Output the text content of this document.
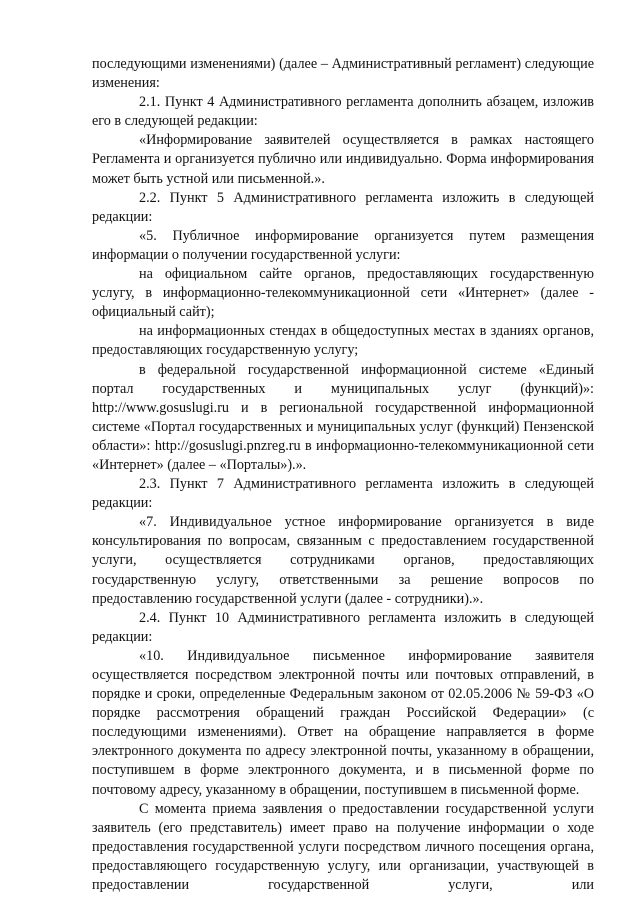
последующими изменениями) (далее – Административный регламент) следующие изменения:

2.1. Пункт 4 Административного регламента дополнить абзацем, изложив его в следующей редакции:

«Информирование заявителей осуществляется в рамках настоящего Регламента и организуется публично или индивидуально. Форма информирования может быть устной или письменной.».

2.2. Пункт 5 Административного регламента изложить в следующей редакции:

«5. Публичное информирование организуется путем размещения информации о получении государственной услуги:

на официальном сайте органов, предоставляющих государственную услугу, в информационно-телекоммуникационной сети «Интернет» (далее - официальный сайт);

на информационных стендах в общедоступных местах в зданиях органов, предоставляющих государственную услугу;

в федеральной государственной информационной системе «Единый портал государственных и муниципальных услуг (функций)»: http://www.gosuslugi.ru и в региональной государственной информационной системе «Портал государственных и муниципальных услуг (функций) Пензенской области»: http://gosuslugi.pnzreg.ru в информационно-телекоммуникационной сети «Интернет» (далее – «Порталы»).».

2.3. Пункт 7 Административного регламента изложить в следующей редакции:

«7. Индивидуальное устное информирование организуется в виде консультирования по вопросам, связанным с предоставлением государственной услуги, осуществляется сотрудниками органов, предоставляющих государственную услугу, ответственными за решение вопросов по предоставлению государственной услуги (далее - сотрудники).».

2.4. Пункт 10 Административного регламента изложить в следующей редакции:

«10. Индивидуальное письменное информирование заявителя осуществляется посредством электронной почты или почтовых отправлений, в порядке и сроки, определенные Федеральным законом от 02.05.2006 № 59-ФЗ «О порядке рассмотрения обращений граждан Российской Федерации» (с последующими изменениями). Ответ на обращение направляется в форме электронного документа по адресу электронной почты, указанному в обращении, поступившем в форме электронного документа, и в письменной форме по почтовому адресу, указанному в обращении, поступившем в письменной форме.

С момента приема заявления о предоставлении государственной услуги заявитель (его представитель) имеет право на получение информации о ходе предоставления государственной услуги посредством личного посещения органа, предоставляющего государственную услугу, или организации, участвующей в предоставлении государственной услуги, или
